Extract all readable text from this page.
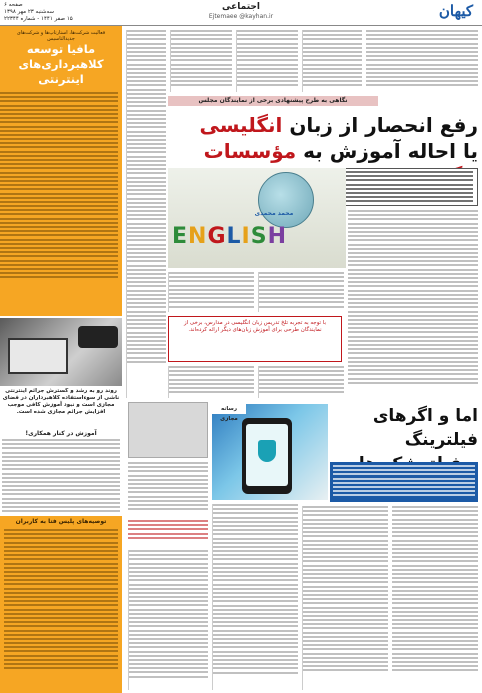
کیهان
اجتماعی
Ejtemaee @kayhan.ir
صفحه ۶
سه‌شنبه ۲۳ مهر ۱۳۹۸
۱۵ صفر ۱۴۴۱ - شماره ۲۲۳۴۴
فعالیت شرکت‌ها، استارتاپ‌ها و شرکت‌های جدیدالتاسیس
مافیا توسعه کلاهبرداری‌های اینترنتی
روند رو به رشد و گسترش جرائم اینترنتی ناشی از سوءاستفاده کلاهبرداران در فضای مجازی است و نبود آموزش کافی موجب افزایش جرائم مجازی شده است.
آموزش در کنار همکاری!
توصیه‌های پلیس فتا به کاربران
نگاهی به طرح پیشنهادی برخی از نمایندگان مجلس
رفع انحصار از زبان انگلیسی
یا احاله آموزش به مؤسسات
ENGLISH
محمد محمدی
با توجه به تجربه تلخ تدریس زبان انگلیسی در مدارس، برخی از نمایندگان طرحی برای آموزش زبان‌های دیگر ارائه کرده‌اند.
رسانه مجازی	اما و اگرهای فیلترینگ
